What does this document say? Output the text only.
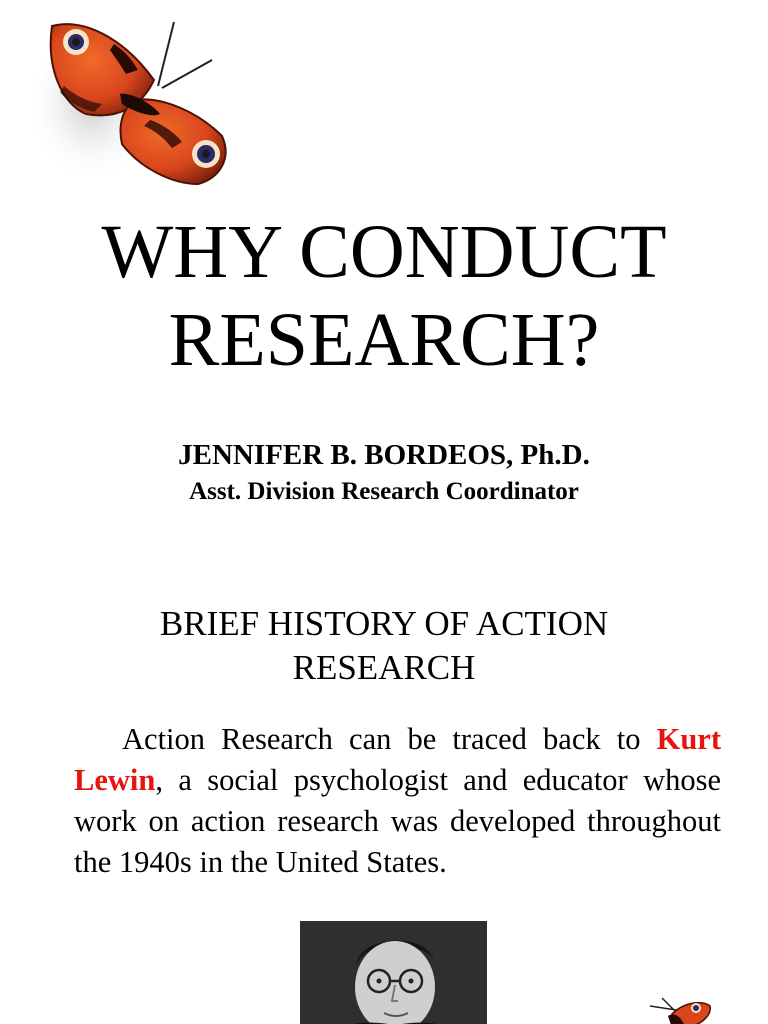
WHY CONDUCT
RESEARCH?
JENNIFER B. BORDEOS, Ph.D.
Asst. Division Research Coordinator
BRIEF HISTORY OF ACTION
RESEARCH

Action Research can be traced back to Kurt Lewin, a social psychologist and educator whose work on action research was developed throughout the 1940s in the United States.
